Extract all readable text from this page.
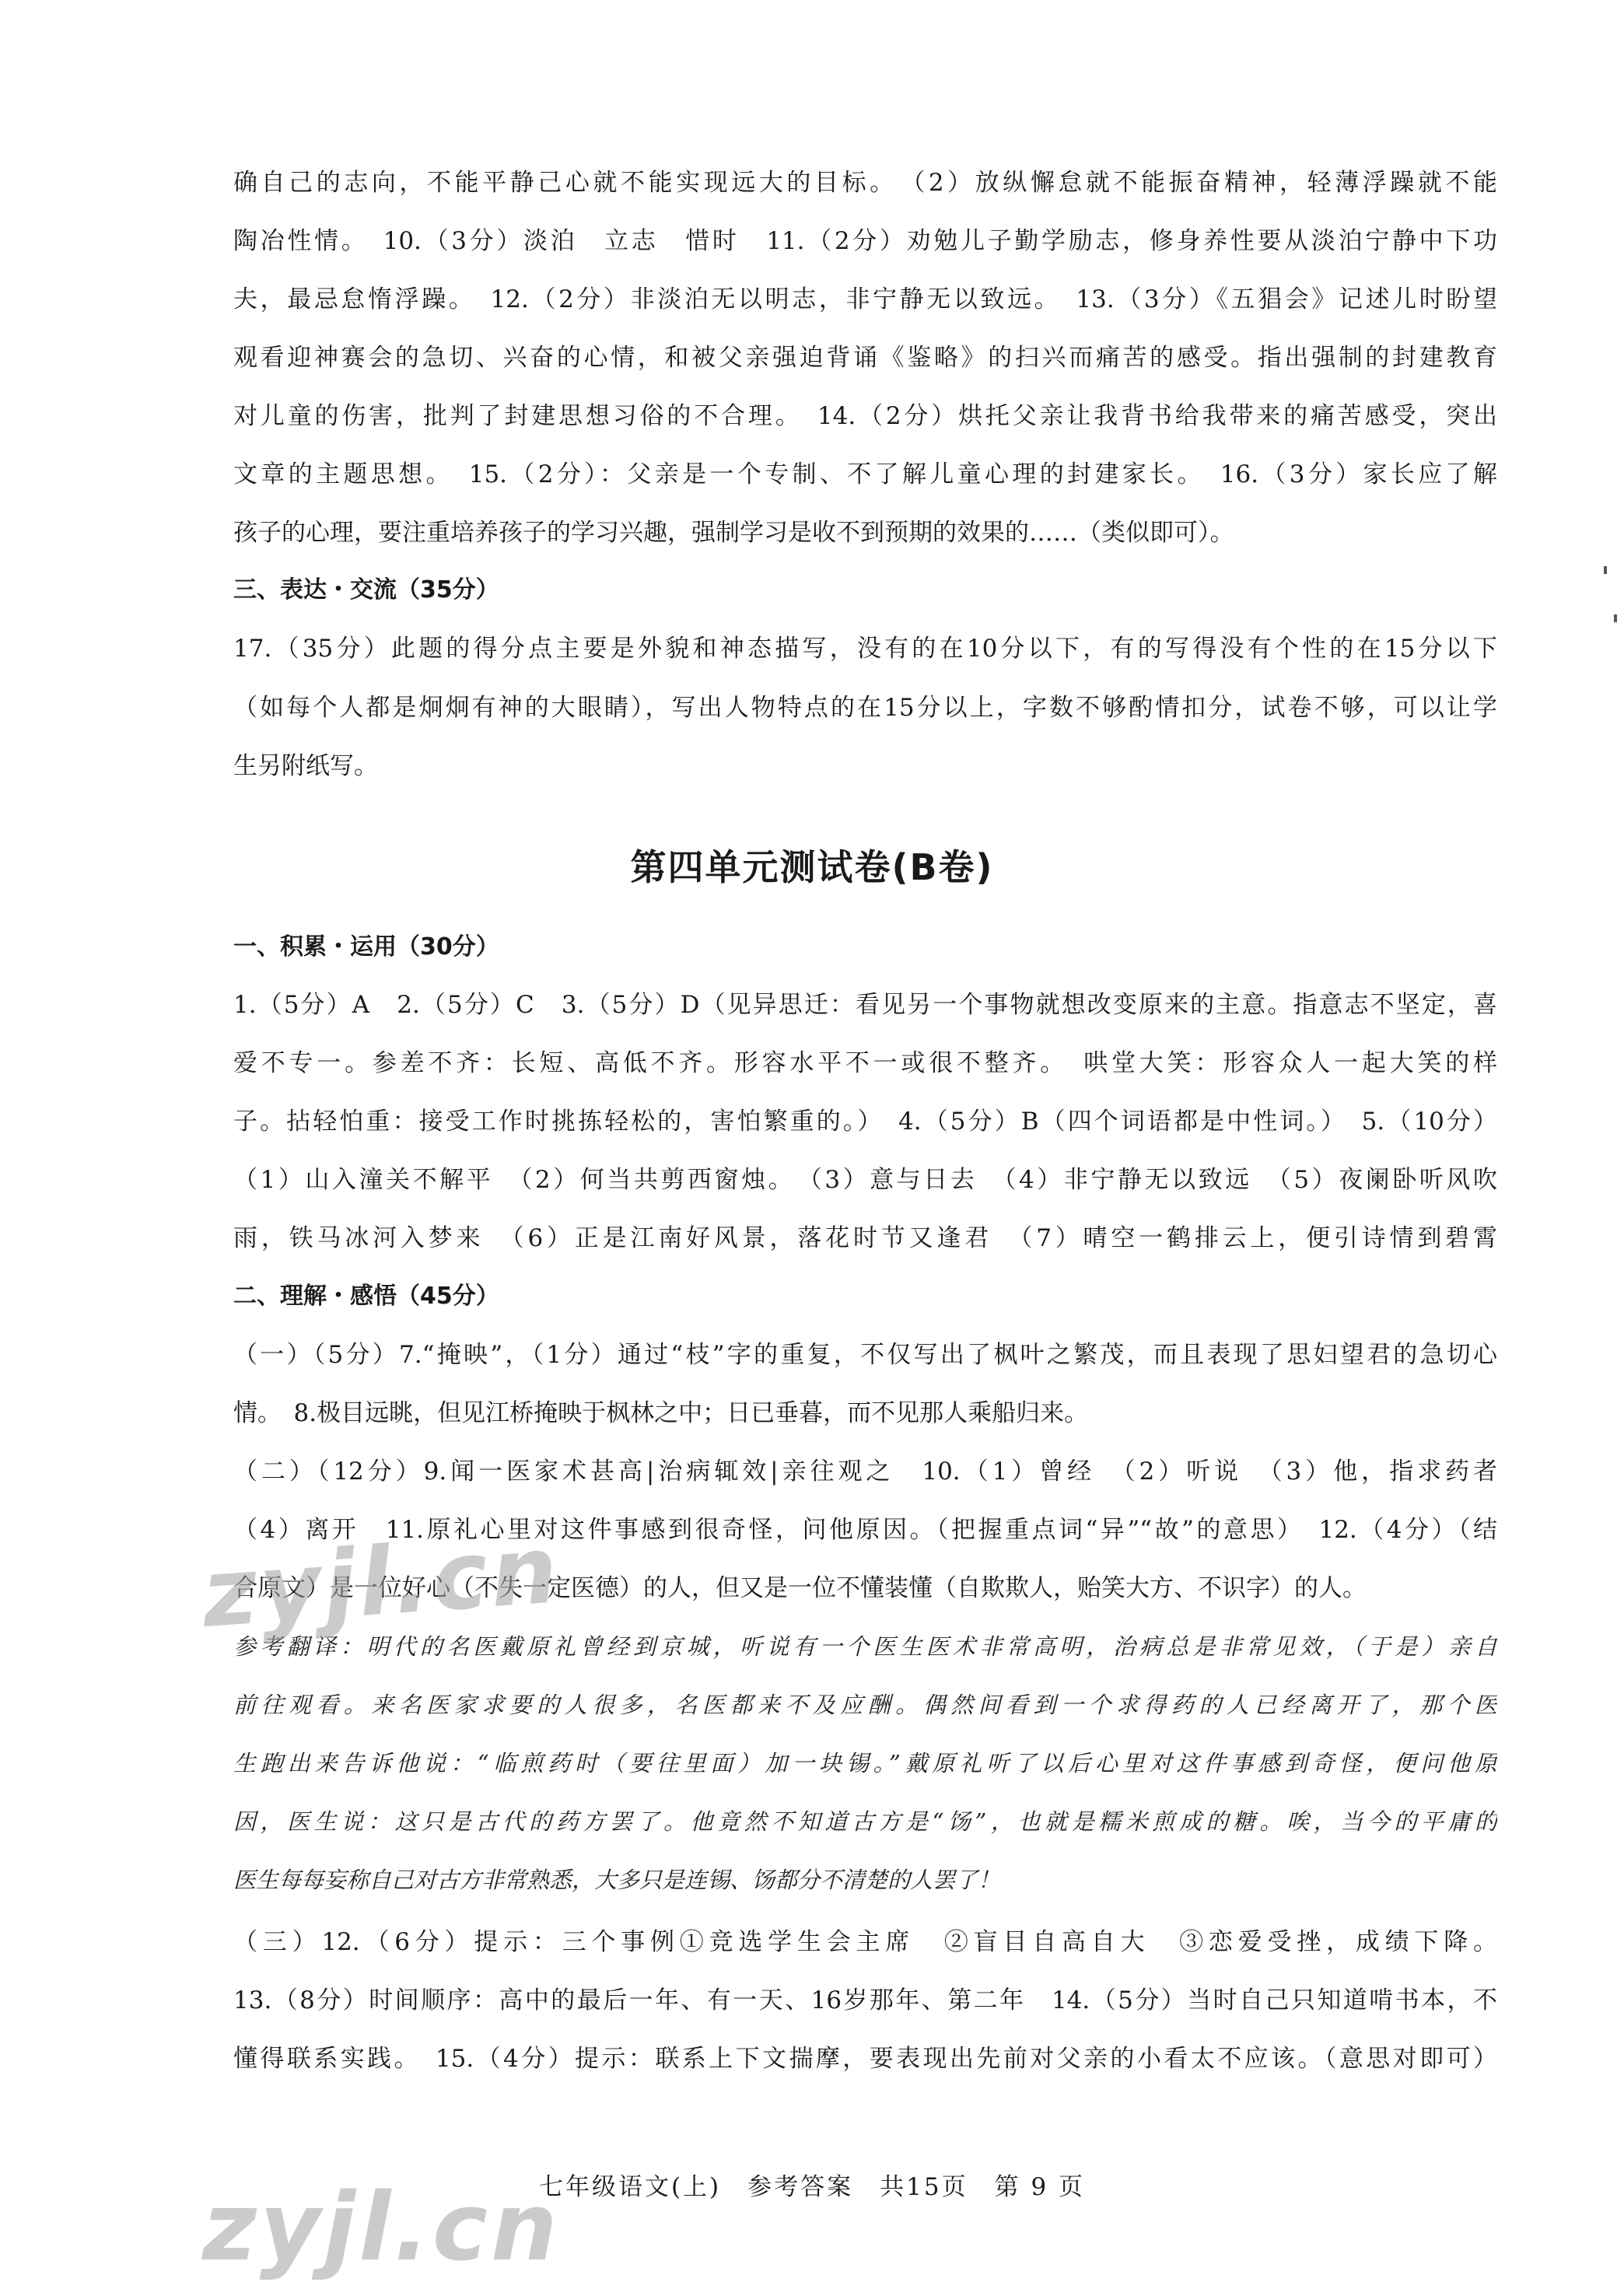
确自己的志向，不能平静己心就不能实现远大的目标。　（2）放纵懈怠就不能振奋精神，轻薄浮躁就不能
陶冶性情。　10.（3分）淡泊　立志　惜时　11.（2分）劝勉儿子勤学励志，修身养性要从淡泊宁静中下功
夫，最忌怠惰浮躁。　12.（2分）非淡泊无以明志，非宁静无以致远。　13.（3分）《五猖会》记述儿时盼望
观看迎神赛会的急切、兴奋的心情，和被父亲强迫背诵《鉴略》的扫兴而痛苦的感受。指出强制的封建教育
对儿童的伤害，批判了封建思想习俗的不合理。　14.（2分）烘托父亲让我背书给我带来的痛苦感受，突出
文章的主题思想。　15.（2分）：父亲是一个专制、不了解儿童心理的封建家长。　16.（3分）家长应了解
孩子的心理，要注重培养孩子的学习兴趣，强制学习是收不到预期的效果的……（类似即可）。
三、表达・交流（35分）
17.（35分）此题的得分点主要是外貌和神态描写，没有的在10分以下，有的写得没有个性的在15分以下
（如每个人都是炯炯有神的大眼睛），写出人物特点的在15分以上，字数不够酌情扣分，试卷不够，可以让学
生另附纸写。
第四单元测试卷(B卷)
一、积累・运用（30分）
1.（5分）A　2.（5分）C　3.（5分）D（见异思迁：看见另一个事物就想改变原来的主意。指意志不坚定，喜
爱不专一。参差不齐：长短、高低不齐。形容水平不一或很不整齐。　哄堂大笑：形容众人一起大笑的样
子。拈轻怕重：接受工作时挑拣轻松的，害怕繁重的。）　4.（5分）B（四个词语都是中性词。）　5.（10分）
（1）山入潼关不解平　（2）何当共剪西窗烛。　（3）意与日去　（4）非宁静无以致远　（5）夜阑卧听风吹
雨，铁马冰河入梦来　（6）正是江南好风景，落花时节又逢君　（7）晴空一鹤排云上，便引诗情到碧霄
二、理解・感悟（45分）
（一）（5分）7.“掩映”，（1分）通过“枝”字的重复，不仅写出了枫叶之繁茂，而且表现了思妇望君的急切心
情。　8.极目远眺，但见江桥掩映于枫林之中；日已垂暮，而不见那人乘船归来。
（二）（12分）9.闻一医家术甚高|治病辄效|亲往观之　10.（1）曾经　（2）听说　（3）他，指求药者
（4）离开　11.原礼心里对这件事感到很奇怪，问他原因。（把握重点词“异”“故”的意思）　12.（4分）（结
合原文）是一位好心（不失一定医德）的人，但又是一位不懂装懂（自欺欺人，贻笑大方、不识字）的人。
参考翻译：明代的名医戴原礼曾经到京城，听说有一个医生医术非常高明，治病总是非常见效，（于是）亲自
前往观看。来名医家求要的人很多，名医都来不及应酬。偶然间看到一个求得药的人已经离开了，那个医
生跑出来告诉他说：“临煎药时（要往里面）加一块锡。”戴原礼听了以后心里对这件事感到奇怪，便问他原
因，医生说：这只是古代的药方罢了。他竟然不知道古方是“饧”，也就是糯米煎成的糖。唉，当今的平庸的
医生每每妄称自己对古方非常熟悉，大多只是连锡、饧都分不清楚的人罢了！
（三）12.（6分）提示：三个事例①竞选学生会主席　②盲目自高自大　③恋爱受挫，成绩下降。
13.（8分）时间顺序：高中的最后一年、有一天、16岁那年、第二年　14.（5分）当时自己只知道啃书本，不
懂得联系实践。　15.（4分）提示：联系上下文揣摩，要表现出先前对父亲的小看太不应该。（意思对即可）
七年级语文(上)　参考答案　共15页　第 9 页
zyjl.cn
zyjl.cn
